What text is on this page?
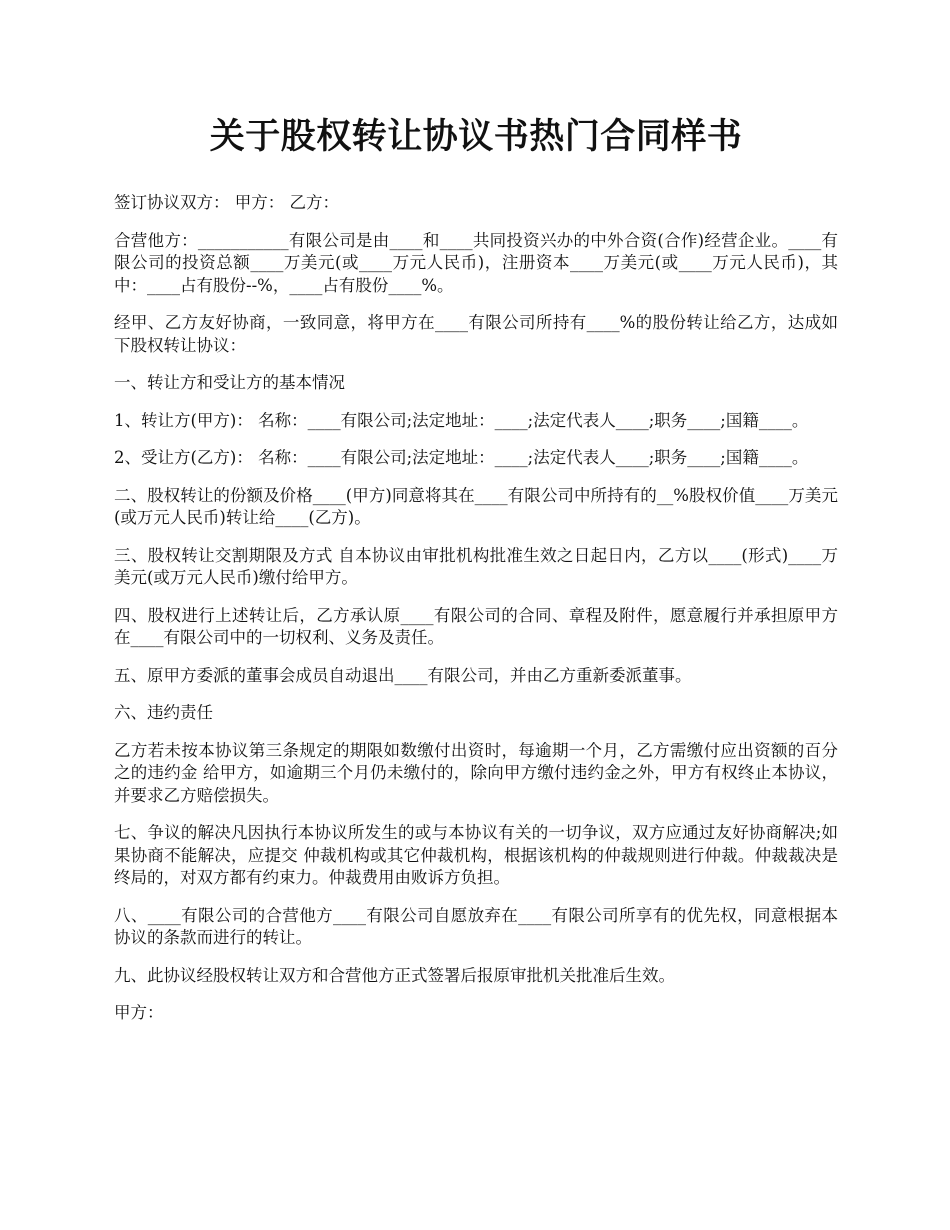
关于股权转让协议书热门合同样书

签订协议双方： 甲方： 乙方：

合营他方：___________有限公司是由____和____共同投资兴办的中外合资(合作)经营企业。____有限公司的投资总额____万美元(或____万元人民币)，注册资本____万美元(或____万元人民币)，其中：____占有股份--%，____占有股份____%。

经甲、乙方友好协商，一致同意，将甲方在____有限公司所持有____%的股份转让给乙方，达成如下股权转让协议：

一、转让方和受让方的基本情况

1、转让方(甲方)： 名称：____有限公司;法定地址：____;法定代表人____;职务____;国籍____。

2、受让方(乙方)： 名称：____有限公司;法定地址：____;法定代表人____;职务____;国籍____。

二、股权转让的份额及价格____(甲方)同意将其在____有限公司中所持有的__%股权价值____万美元(或万元人民币)转让给____(乙方)。

三、股权转让交割期限及方式 自本协议由审批机构批准生效之日起日内，乙方以____(形式)____万美元(或万元人民币)缴付给甲方。

四、股权进行上述转让后，乙方承认原____有限公司的合同、章程及附件，愿意履行并承担原甲方在____有限公司中的一切权利、义务及责任。

五、原甲方委派的董事会成员自动退出____有限公司，并由乙方重新委派董事。

六、违约责任

乙方若未按本协议第三条规定的期限如数缴付出资时，每逾期一个月，乙方需缴付应出资额的百分之的违约金 给甲方，如逾期三个月仍未缴付的，除向甲方缴付违约金之外，甲方有权终止本协议，并要求乙方赔偿损失。

七、争议的解决凡因执行本协议所发生的或与本协议有关的一切争议，双方应通过友好协商解决;如果协商不能解决，应提交 仲裁机构或其它仲裁机构，根据该机构的仲裁规则进行仲裁。仲裁裁决是终局的，对双方都有约束力。仲裁费用由败诉方负担。

八、____有限公司的合营他方____有限公司自愿放弃在____有限公司所享有的优先权，同意根据本协议的条款而进行的转让。

九、此协议经股权转让双方和合营他方正式签署后报原审批机关批准后生效。

甲方：
